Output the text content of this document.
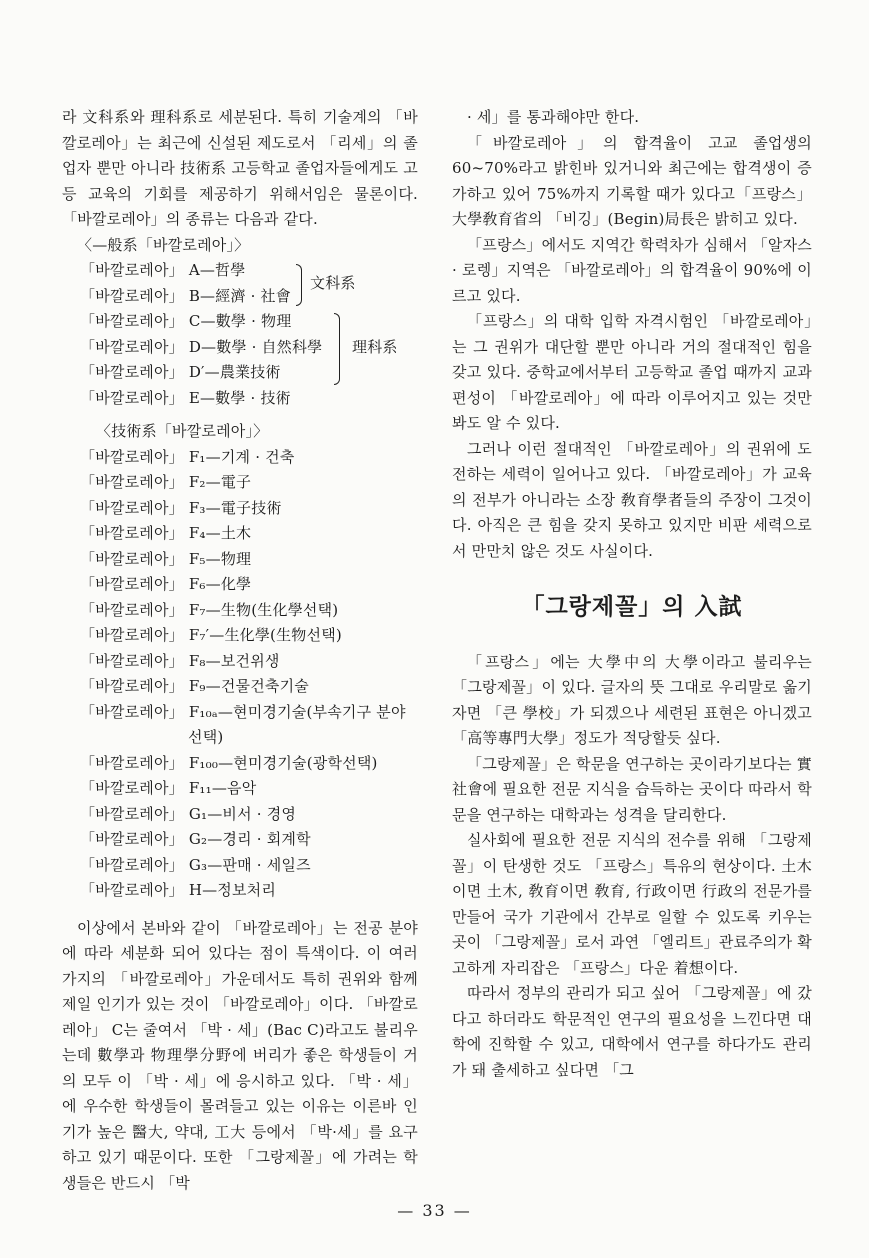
라 文科系와 理科系로 세분된다. 특히 기술계의 「바깔로레아」는 최근에 신설된 제도로서 「리세」의 졸업자 뿐만 아니라 技術系 고등학교 졸업자들에게도 고등 교육의 기회를 제공하기 위해서임은 물론이다. 「바깔로레아」의 종류는 다음과 같다.

〈—般系「바깔로레아」〉

「바깔로레아」 A—哲學
「바깔로레아」 B—經濟 · 社會
文科系
「바깔로레아」 C—數學 · 物理
「바깔로레아」 D—數學 · 自然科學
「바깔로레아」 D′—農業技術
「바깔로레아」 E—數學 · 技術
理科系

〈技術系「바깔로레아」〉

「바깔로레아」 F₁—기계 · 건축
「바깔로레아」 F₂—電子
「바깔로레아」 F₃—電子技術
「바깔로레아」 F₄—土木
「바깔로레아」 F₅—物理
「바깔로레아」 F₆—化學
「바깔로레아」 F₇—生物(生化學선택)
「바깔로레아」 F₇′—生化學(生物선택)
「바깔로레아」 F₈—보건위생
「바깔로레아」 F₉—건물건축기술
「바깔로레아」 F₁₀ₐ—현미경기술(부속기구 분야
선택)
「바깔로레아」 F₁₀₀—현미경기술(광학선택)
「바깔로레아」 F₁₁—음악
「바깔로레아」 G₁—비서 · 경영
「바깔로레아」 G₂—경리 · 회계학
「바깔로레아」 G₃—판매 · 세일즈
「바깔로레아」 H—정보처리

이상에서 본바와 같이 「바깔로레아」는 전공 분야에 따라 세분화 되어 있다는 점이 특색이다. 이 여러 가지의 「바깔로레아」가운데서도 특히 권위와 함께 제일 인기가 있는 것이 「바깔로레아」이다. 「바깔로레아」 C는 줄여서 「박 · 세」(Bac C)라고도 불리우는데 數學과 物理學分野에 버리가 좋은 학생들이 거의 모두 이 「박 · 세」에 응시하고 있다. 「박 · 세」에 우수한 학생들이 몰려들고 있는 이유는 이른바 인기가 높은 醫大, 약대, 工大 등에서 「박·세」를 요구하고 있기 때문이다. 또한 「그랑제꼴」에 가려는 학생들은 반드시 「박

· 세」를 통과해야만 한다.

「바깔로레아」의 합격율이 고교 졸업생의 60~70%라고 밝힌바 있거니와 최근에는 합격생이 증가하고 있어 75%까지 기록할 때가 있다고「프랑스」大學敎育省의 「비깅」(Begin)局長은 밝히고 있다.

「프랑스」에서도 지역간 학력차가 심해서 「알자스 · 로렝」지역은 「바깔로레아」의 합격율이 90%에 이르고 있다.

「프랑스」의 대학 입학 자격시험인 「바깔로레아」는 그 권위가 대단할 뿐만 아니라 거의 절대적인 힘을 갖고 있다. 중학교에서부터 고등학교 졸업 때까지 교과 편성이 「바깔로레아」에 따라 이루어지고 있는 것만 봐도 알 수 있다.

그러나 이런 절대적인 「바깔로레아」의 권위에 도전하는 세력이 일어나고 있다. 「바깔로레아」가 교육의 전부가 아니라는 소장 敎育學者들의 주장이 그것이다. 아직은 큰 힘을 갖지 못하고 있지만 비판 세력으로서 만만치 않은 것도 사실이다.

「그랑제꼴」의 入試

「프랑스」에는 大學中의 大學이라고 불리우는 「그랑제꼴」이 있다. 글자의 뜻 그대로 우리말로 옮기자면 「큰 學校」가 되겠으나 세련된 표현은 아니겠고 「高等專門大學」정도가 적당할듯 싶다.

「그랑제꼴」은 학문을 연구하는 곳이라기보다는 實社會에 필요한 전문 지식을 습득하는 곳이다 따라서 학문을 연구하는 대학과는 성격을 달리한다.

실사회에 필요한 전문 지식의 전수를 위해 「그랑제꼴」이 탄생한 것도 「프랑스」특유의 현상이다. 土木이면 土木, 敎育이면 敎育, 行政이면 行政의 전문가를 만들어 국가 기관에서 간부로 일할 수 있도록 키우는 곳이 「그랑제꼴」로서 과연 「엘리트」관료주의가 확고하게 자리잡은 「프랑스」다운 着想이다.

따라서 정부의 관리가 되고 싶어 「그랑제꼴」에 갔다고 하더라도 학문적인 연구의 필요성을 느낀다면 대학에 진학할 수 있고, 대학에서 연구를 하다가도 관리가 돼 출세하고 싶다면 「그

— 33 —
